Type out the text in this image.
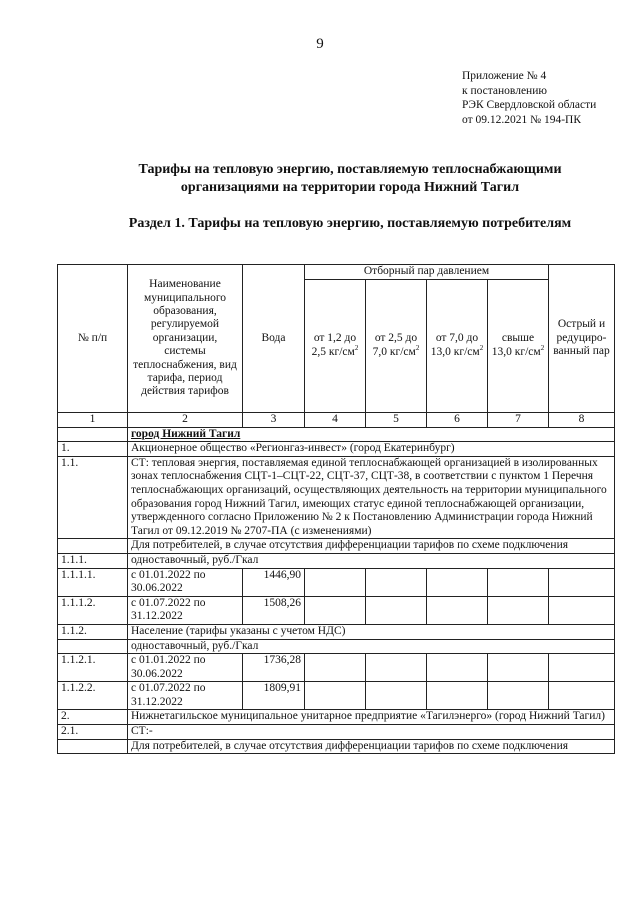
9
Приложение № 4
к постановлению
РЭК Свердловской области
от 09.12.2021 № 194-ПК
Тарифы на тепловую энергию, поставляемую теплоснабжающими
организациями на территории города Нижний Тагил
Раздел 1. Тарифы на тепловую энергию, поставляемую потребителям
№ п/п	Наименование муниципального образования, регулируемой организации, системы теплоснабжения, вид тарифа, период действия тарифов	Вода	Отборный пар давлением				Острый и редуциро-ванный пар
			от 1,2 до 2,5 $кг/см^2$	от 2,5 до 7,0 $кг/см^2$	от 7,0 до 13,0 $кг/см^2$	свыше 13,0 $кг/см^2$
1	2	3	4	5	6	7	8
	город Нижний Тагил						
1.	Акционерное общество «Регионгаз-инвест» (город Екатеринбург)						
1.1.	СТ: тепловая энергия, поставляемая единой теплоснабжающей организацией в изолированных зонах теплоснабжения СЦТ-1–СЦТ-22, СЦТ-37, СЦТ-38, в соответствии с пунктом 1 Перечня теплоснабжающих организаций, осуществляющих деятельность на территории муниципального образования город Нижний Тагил, имеющих статус единой теплоснабжающей организации, утвержденного согласно Приложению № 2 к Постановлению Администрации города Нижний Тагил от 09.12.2019 № 2707-ПА (с изменениями)						
	Для потребителей, в случае отсутствия дифференциации тарифов по схеме подключения						
1.1.1.	одноставочный, руб./Гкал						
1.1.1.1.	с 01.01.2022 по 30.06.2022	1446,90					
1.1.1.2.	с 01.07.2022 по 31.12.2022	1508,26					
1.1.2.	Население (тарифы указаны с учетом НДС)						
	одноставочный, руб./Гкал						
1.1.2.1.	с 01.01.2022 по 30.06.2022	1736,28					
1.1.2.2.	с 01.07.2022 по 31.12.2022	1809,91					
2.	Нижнетагильское муниципальное унитарное предприятие «Тагилэнерго» (город Нижний Тагил)						
2.1.	СТ:-						
	Для потребителей, в случае отсутствия дифференциации тарифов по схеме подключения						
